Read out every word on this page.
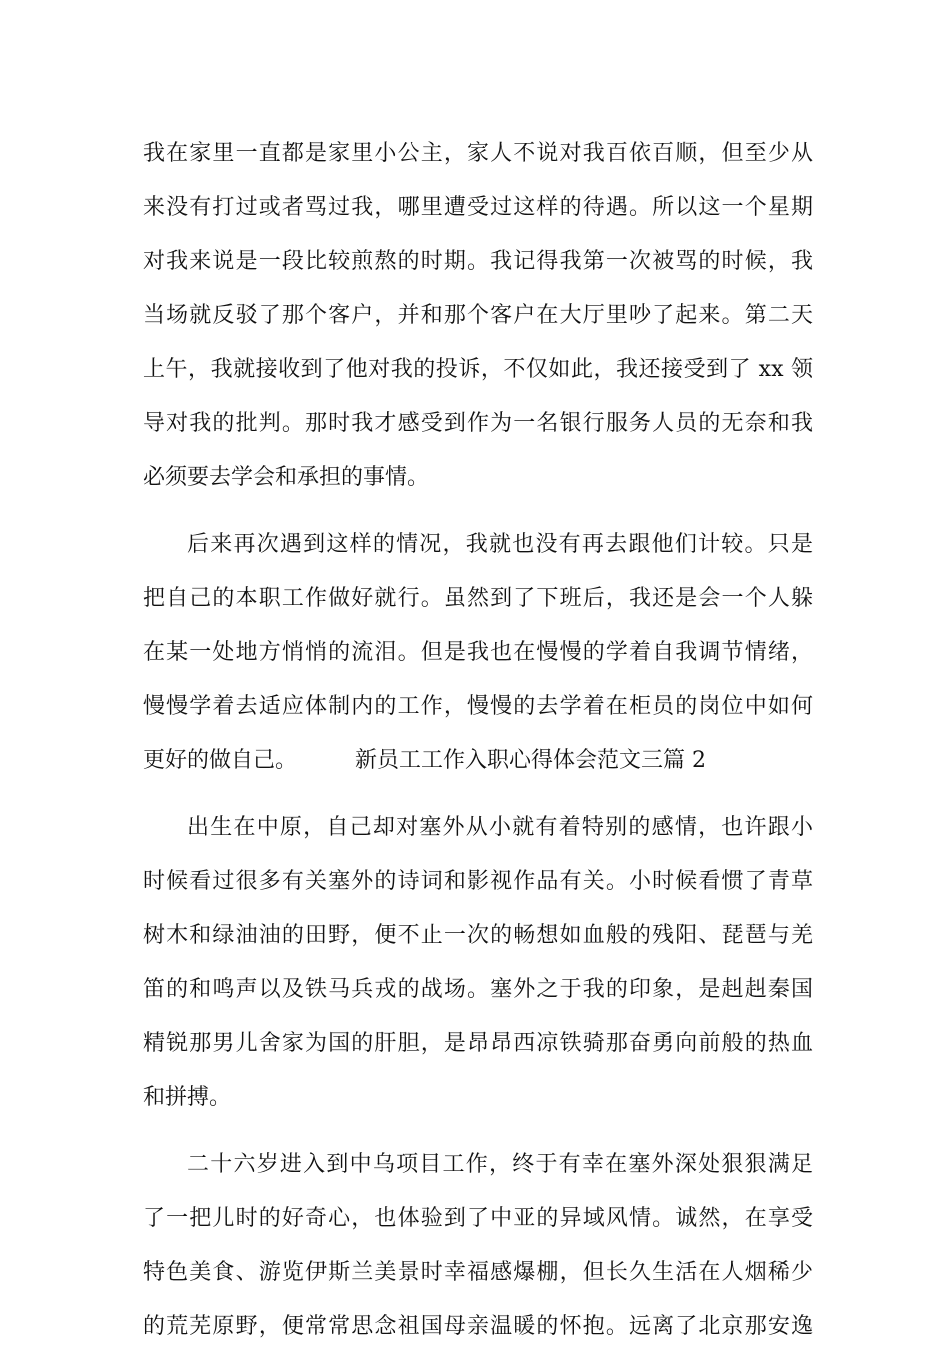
我在家里一直都是家里小公主，家人不说对我百依百顺，但至少从
来没有打过或者骂过我，哪里遭受过这样的待遇。所以这一个星期
对我来说是一段比较煎熬的时期。我记得我第一次被骂的时候，我
当场就反驳了那个客户，并和那个客户在大厅里吵了起来。第二天
上午，我就接收到了他对我的投诉，不仅如此，我还接受到了 xx 领
导对我的批判。那时我才感受到作为一名银行服务人员的无奈和我
必须要去学会和承担的事情。
后来再次遇到这样的情况，我就也没有再去跟他们计较。只是
把自己的本职工作做好就行。虽然到了下班后，我还是会一个人躲
在某一处地方悄悄的流泪。但是我也在慢慢的学着自我调节情绪，
慢慢学着去适应体制内的工作，慢慢的去学着在柜员的岗位中如何
更好的做自己。	新员工工作入职心得体会范文三篇 2
出生在中原，自己却对塞外从小就有着特别的感情，也许跟小
时候看过很多有关塞外的诗词和影视作品有关。小时候看惯了青草
树木和绿油油的田野，便不止一次的畅想如血般的残阳、琵琶与羌
笛的和鸣声以及铁马兵戎的战场。塞外之于我的印象，是赳赳秦国
精锐那男儿舍家为国的肝胆，是昂昂西凉铁骑那奋勇向前般的热血
和拼搏。
二十六岁进入到中乌项目工作，终于有幸在塞外深处狠狠满足
了一把儿时的好奇心，也体验到了中亚的异域风情。诚然，在享受
特色美食、游览伊斯兰美景时幸福感爆棚，但长久生活在人烟稀少
的荒芜原野，便常常思念祖国母亲温暖的怀抱。远离了北京那安逸
